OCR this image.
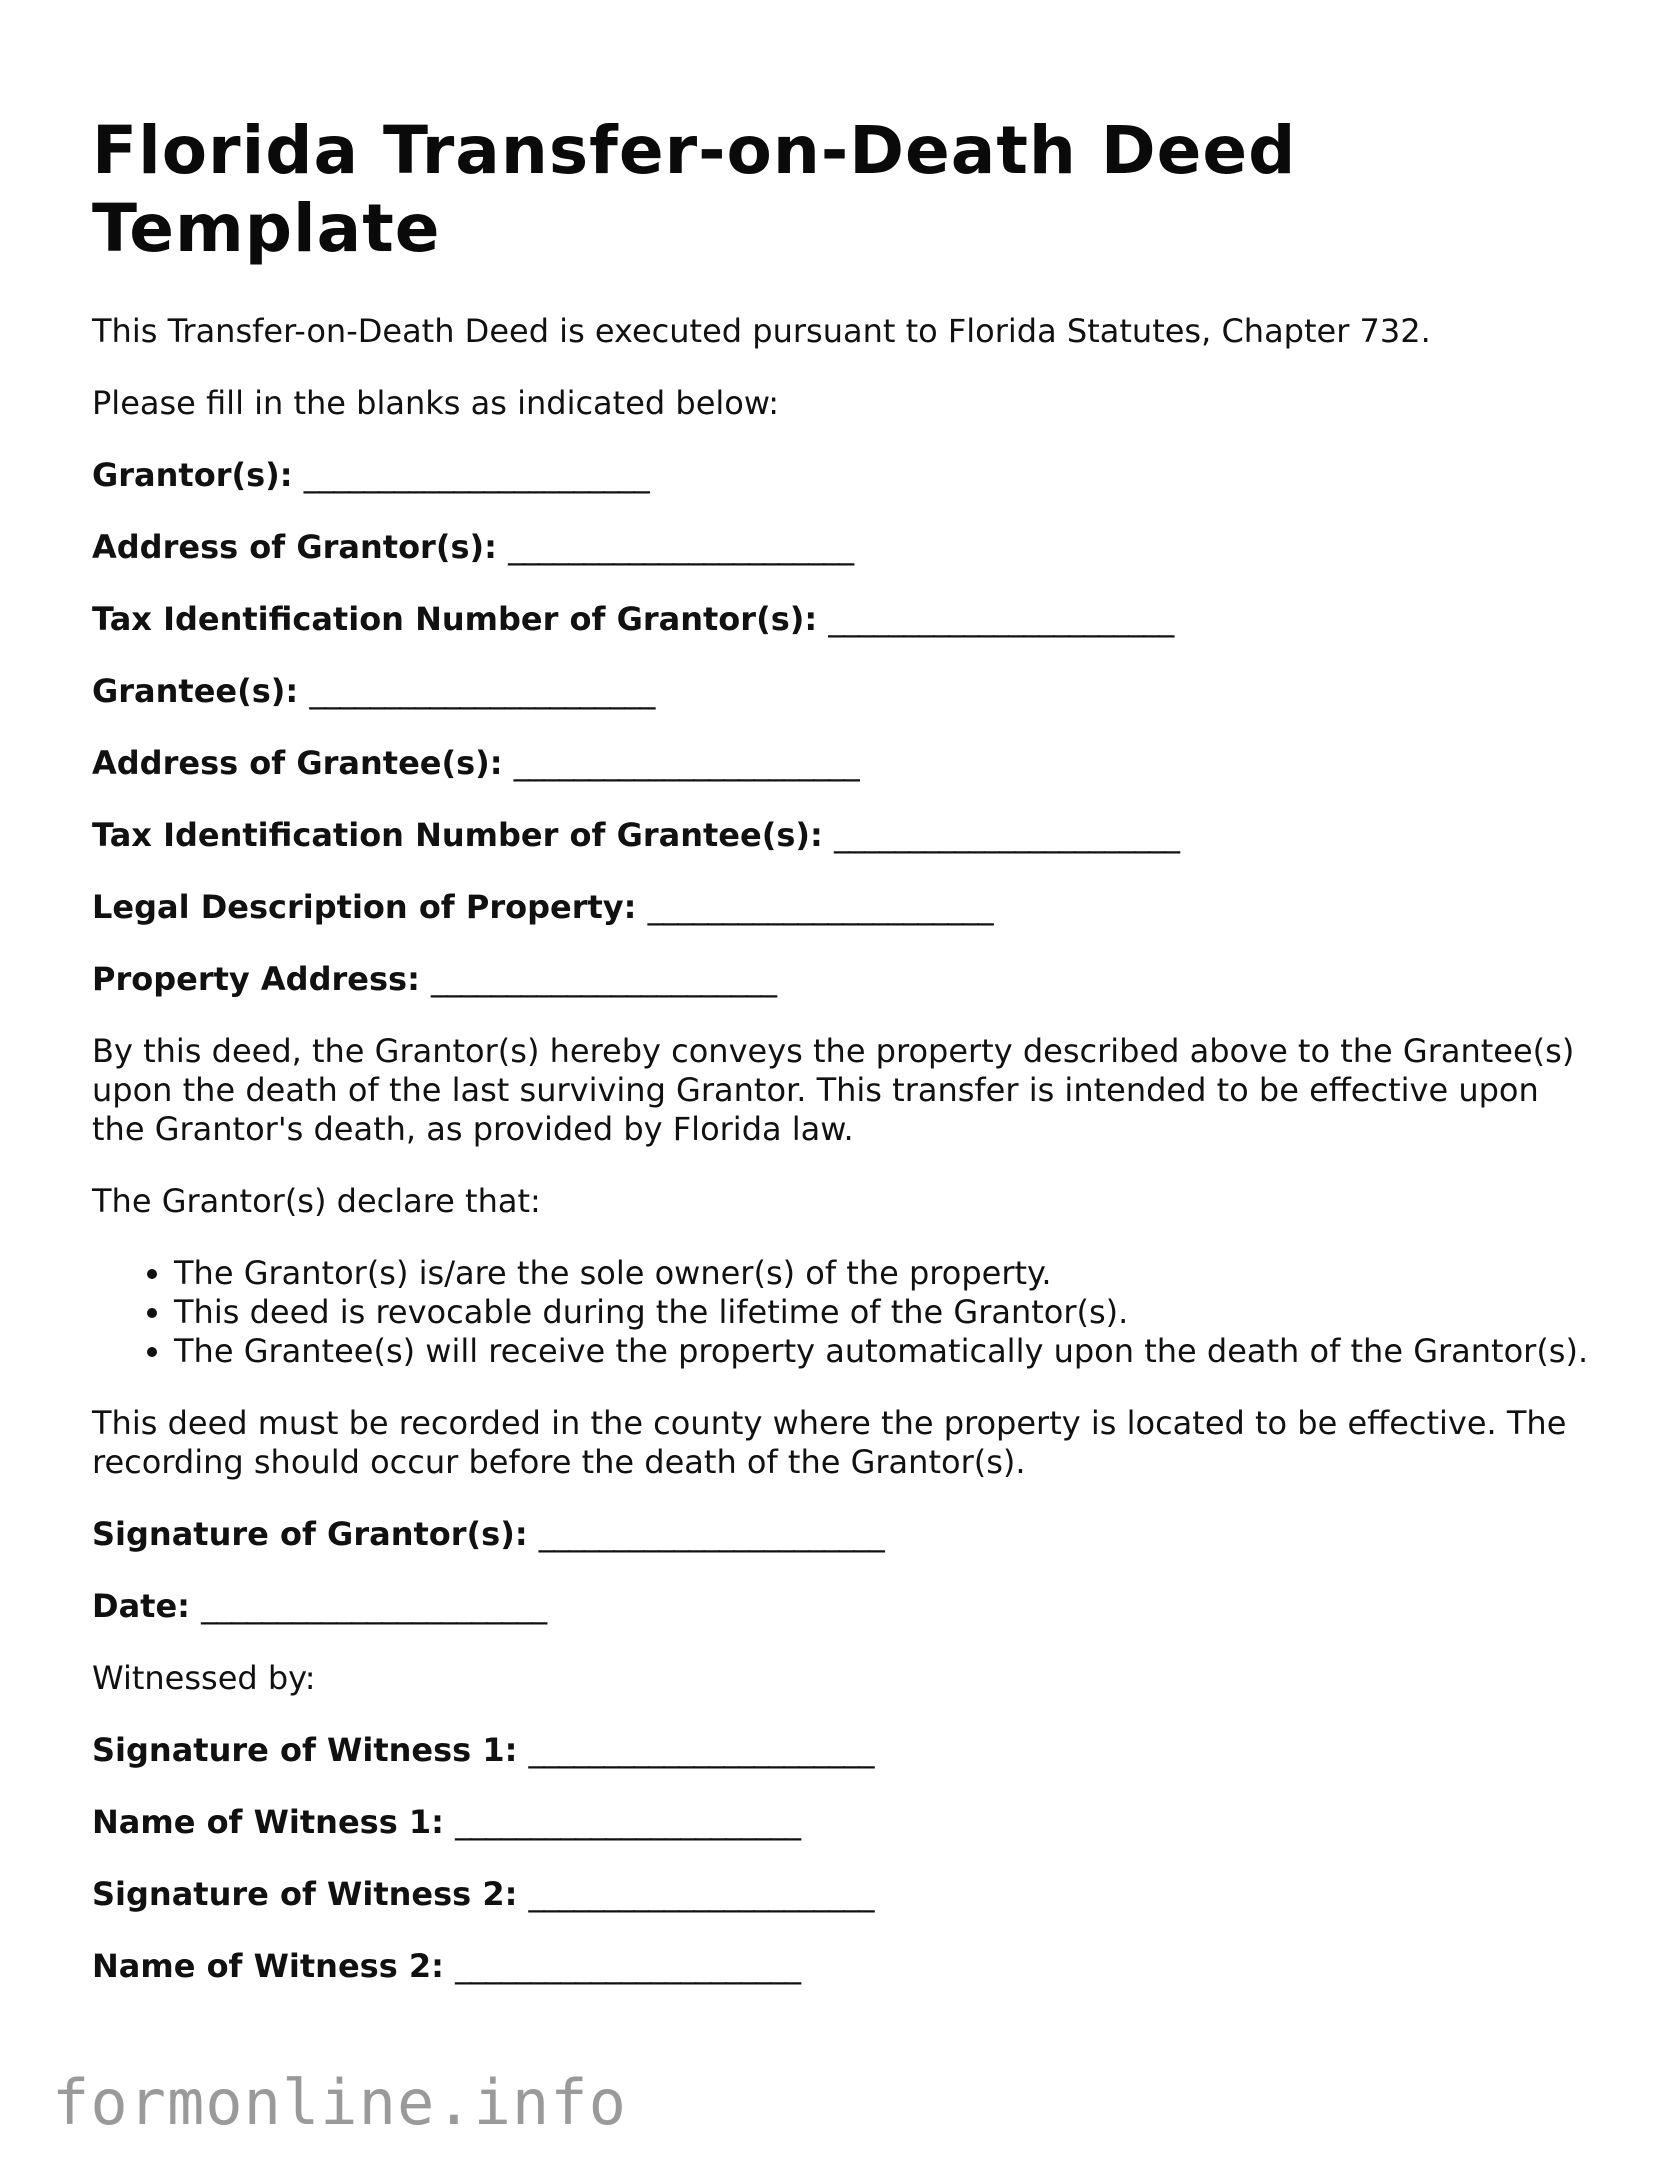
Florida Transfer-on-Death Deed Template

This Transfer-on-Death Deed is executed pursuant to Florida Statutes, Chapter 732.

Please fill in the blanks as indicated below:

Grantor(s): _______________________
Address of Grantor(s): _______________________
Tax Identification Number of Grantor(s): _______________________
Grantee(s): _______________________
Address of Grantee(s): _______________________
Tax Identification Number of Grantee(s): _______________________
Legal Description of Property: _______________________
Property Address: _______________________

By this deed, the Grantor(s) hereby conveys the property described above to the Grantee(s) upon the death of the last surviving Grantor. This transfer is intended to be effective upon the Grantor's death, as provided by Florida law.

The Grantor(s) declare that:

• The Grantor(s) is/are the sole owner(s) of the property.
• This deed is revocable during the lifetime of the Grantor(s).
• The Grantee(s) will receive the property automatically upon the death of the Grantor(s).

This deed must be recorded in the county where the property is located to be effective. The recording should occur before the death of the Grantor(s).

Signature of Grantor(s): _______________________
Date: _______________________

Witnessed by:

Signature of Witness 1: _______________________
Name of Witness 1: _______________________
Signature of Witness 2: _______________________
Name of Witness 2: _______________________
formonline.info
